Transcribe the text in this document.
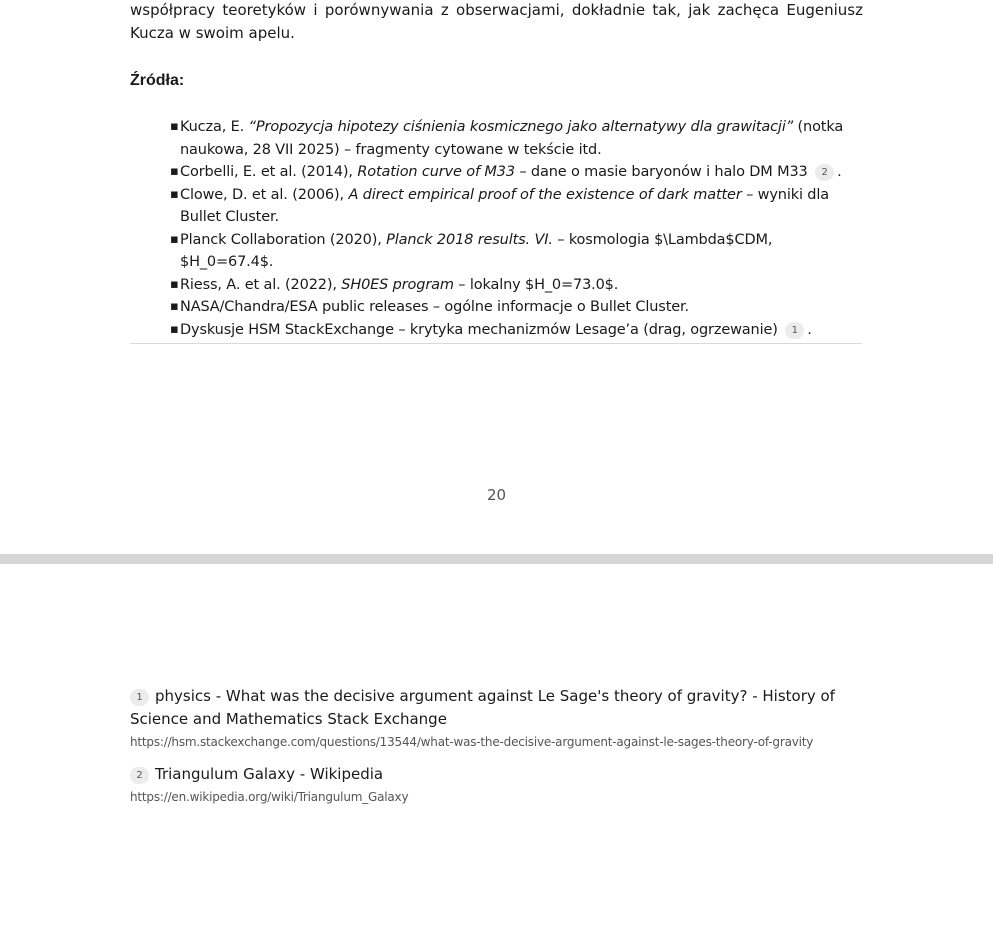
współpracy teoretyków i porównywania z obserwacjami, dokładnie tak, jak zachęca Eugeniusz Kucza w swoim apelu.

Źródła:
▪ Kucza, E. “Propozycja hipotezy ciśnienia kosmicznego jako alternatywy dla grawitacji” (notka naukowa, 28 VII 2025) – fragmenty cytowane w tekście itd.
▪ Corbelli, E. et al. (2014), Rotation curve of M33 – dane o masie baryonów i halo DM M33 2 .
▪ Clowe, D. et al. (2006), A direct empirical proof of the existence of dark matter – wyniki dla Bullet Cluster.
▪ Planck Collaboration (2020), Planck 2018 results. VI. – kosmologia $\Lambda$CDM, $H_0=67.4$.
▪ Riess, A. et al. (2022), SH0ES program – lokalny $H_0=73.0$.
▪ NASA/Chandra/ESA public releases – ogólne informacje o Bullet Cluster.
▪ Dyskusje HSM StackExchange – krytyka mechanizmów Lesage’a (drag, ogrzewanie) 1 .
20

1 physics - What was the decisive argument against Le Sage's theory of gravity? - History of Science and Mathematics Stack Exchange

https://hsm.stackexchange.com/questions/13544/what-was-the-decisive-argument-against-le-sages-theory-of-gravity

2 Triangulum Galaxy - Wikipedia

https://en.wikipedia.org/wiki/Triangulum_Galaxy
